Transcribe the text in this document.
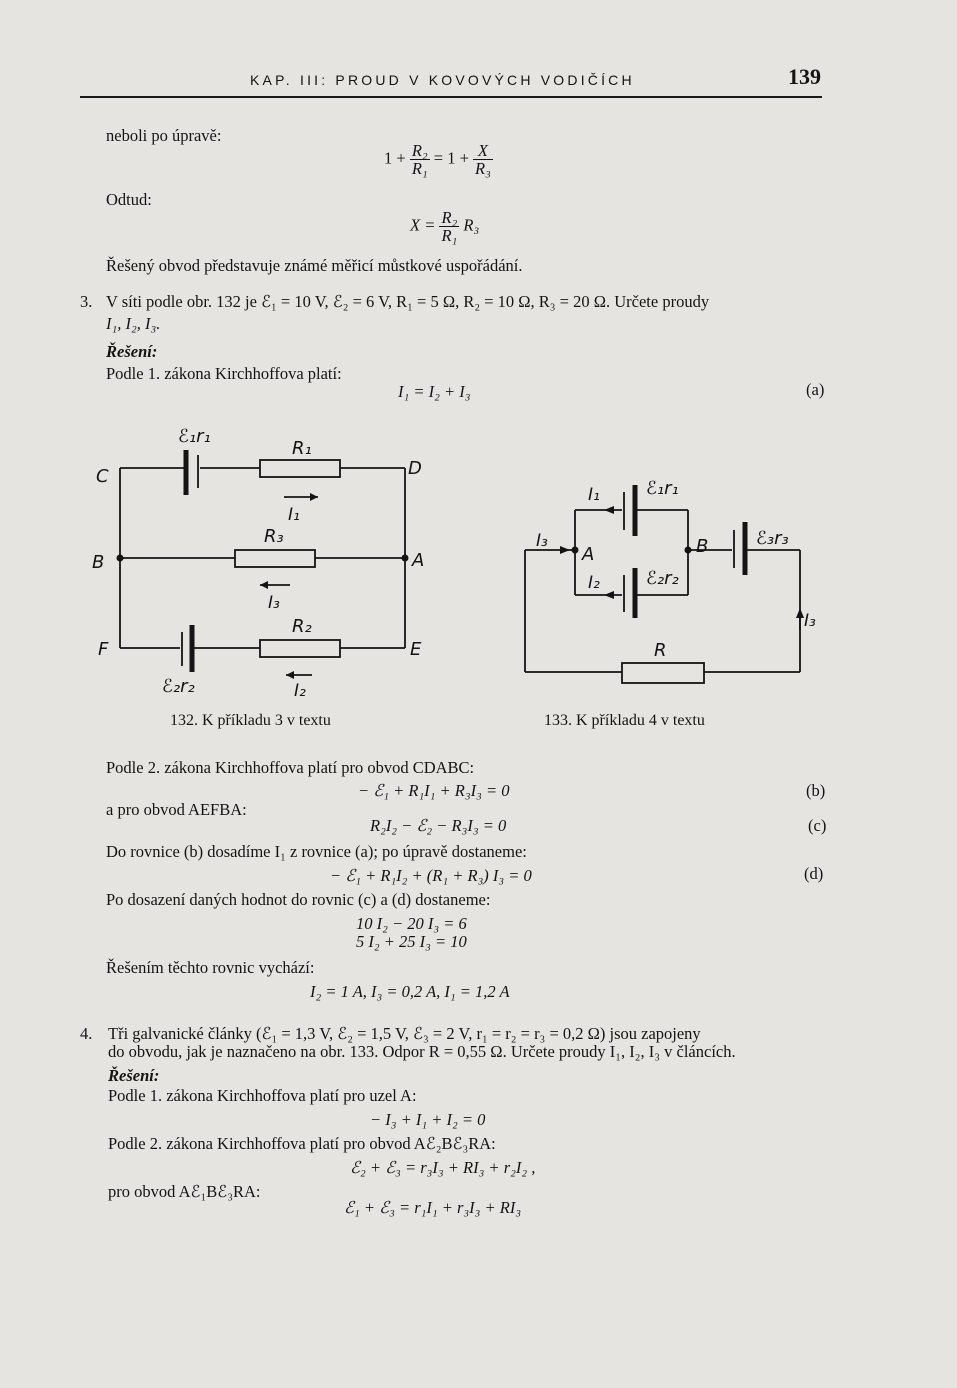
KAP. III: PROUD V KOVOVÝCH VODIČÍCH	139
neboli po úpravě:
$1 + \frac{\text{R₂}}{\text{R₁}} = 1 + \frac{X}{\text{R₃}}$
Odtud:
$X = \frac{\text{R₂}}{\text{R₁}} R_3$
Řešený obvod představuje známé měřicí můstkové uspořádání.
3. V síti podle obr. 132 je ℰ₁ = 10 V, ℰ₂ = 6 V, R₁ = 5 Ω, R₂ = 10 Ω, R₃ = 20 Ω. Určete proudy
I₁, I₂, I₃.
Řešení:
Podle 1. zákona Kirchhoffova platí:
I₁ = I₂ + I₃	(a)
C	D
B	A
F	E
ℰ₁r₁
ℰ₂r₂
R₁
R₃
R₂
I₁
I₃
I₂
132. K příkladu 3 v textu
I₁	ℰ₁r₁
I₃
A	B	ℰ₃r₃
I₂	ℰ₂r₂
I₃
R
133. K příkladu 4 v textu
Podle 2. zákona Kirchhoffova platí pro obvod CDABC:
− ℰ₁ + R₁I₁ + R₃I₃ = 0	(b)
a pro obvod AEFBA:
R₂I₂ − ℰ₂ − R₃I₃ = 0	(c)
Do rovnice (b) dosadíme I₁ z rovnice (a); po úpravě dostaneme:
− ℰ₁ + R₁I₂ + (R₁ + R₃) I₃ = 0	(d)
Po dosazení daných hodnot do rovnic (c) a (d) dostaneme:
10 I₂ − 20 I₃ = 6
5 I₂ + 25 I₃ = 10
Řešením těchto rovnic vychází:
I₂ = 1 A, I₃ = 0,2 A, I₁ = 1,2 A
4. Tři galvanické články (ℰ₁ = 1,3 V, ℰ₂ = 1,5 V, ℰ₃ = 2 V, r₁ = r₂ = r₃ = 0,2 Ω) jsou zapojeny
do obvodu, jak je naznačeno na obr. 133. Odpor R = 0,55 Ω. Určete proudy I₁, I₂, I₃ v článcích.
Řešení:
Podle 1. zákona Kirchhoffova platí pro uzel A:
− I₃ + I₁ + I₂ = 0
Podle 2. zákona Kirchhoffova platí pro obvod Aℰ₂Bℰ₃RA:
ℰ₂ + ℰ₃ = r₃I₃ + RI₃ + r₂I₂ ,
pro obvod Aℰ₁Bℰ₃RA:
ℰ₁ + ℰ₃ = r₁I₁ + r₃I₃ + RI₃
